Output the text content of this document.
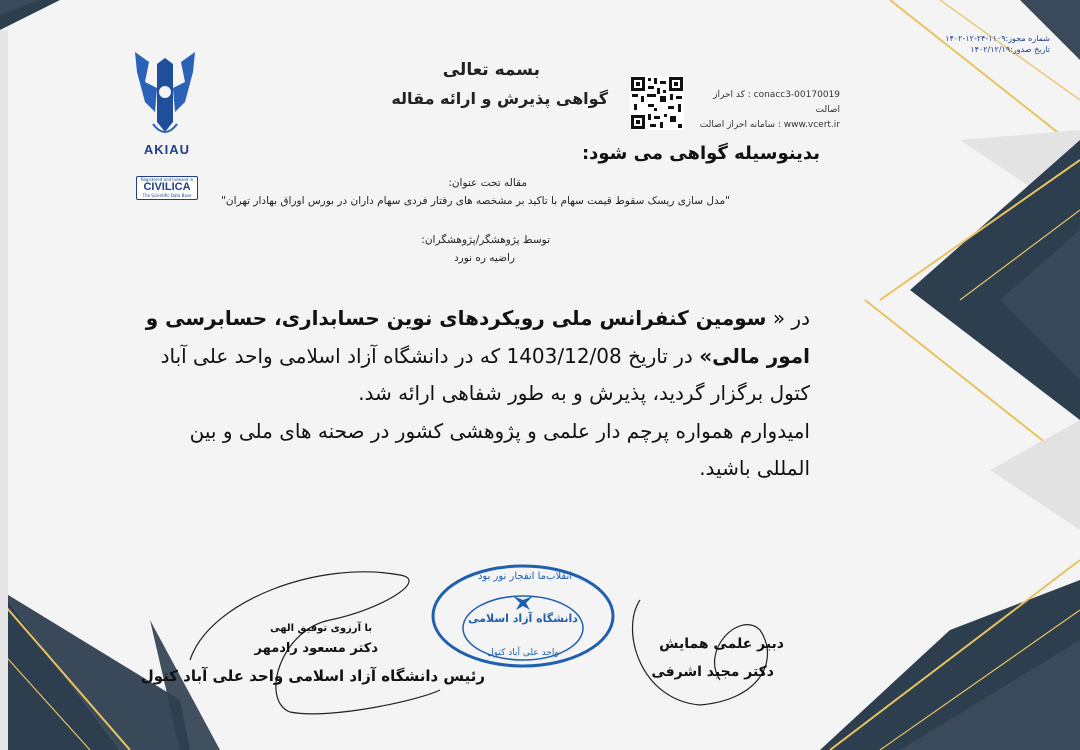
AKIAU
Registered and Indexed in
CIVILICA
The Scientific Data Base
شماره مجوز:۱۱۰۹-۲۴-۱۲-۱۴۰۲
تاریخ صدور:۱۴۰۲/۱۲/۱۹
بسمه تعالی
گواهی پذیرش و ارائه مقاله	conacc3-00170019 : کد احراز اصالت
www.vcert.ir : سامانه احراز اصالت
بدینوسیله گواهی می شود:
مقاله تحت عنوان:
"مدل سازی ریسک سقوط قیمت سهام با تاکید بر مشخصه های رفتار فردی سهام داران در بورس اوراق بهادار تهران"
توسط پژوهشگر/پژوهشگران:
راضیه ره نورد
در « سومین کنفرانس ملی رویکردهای نوین حسابداری، حسابرسی و امور مالی» در تاریخ 1403/12/08 که در دانشگاه آزاد اسلامی واحد علی آباد کتول برگزار گردید، پذیرش و به طور شفاهی ارائه شد.
امیدوارم همواره پرچم دار علمی و پژوهشی کشور در صحنه های ملی و بین المللی باشید.
انقلاب‌ما انفجار نور بود
دانشگاه آزاد اسلامی
واحد علی آباد کتول
با آرزوی توفیق الهی
دکتر مسعود رادمهر
رئیس دانشگاه آزاد اسلامی واحد علی آباد کتول
دبیر علمی همایش
دکتر مجید اشرفی
